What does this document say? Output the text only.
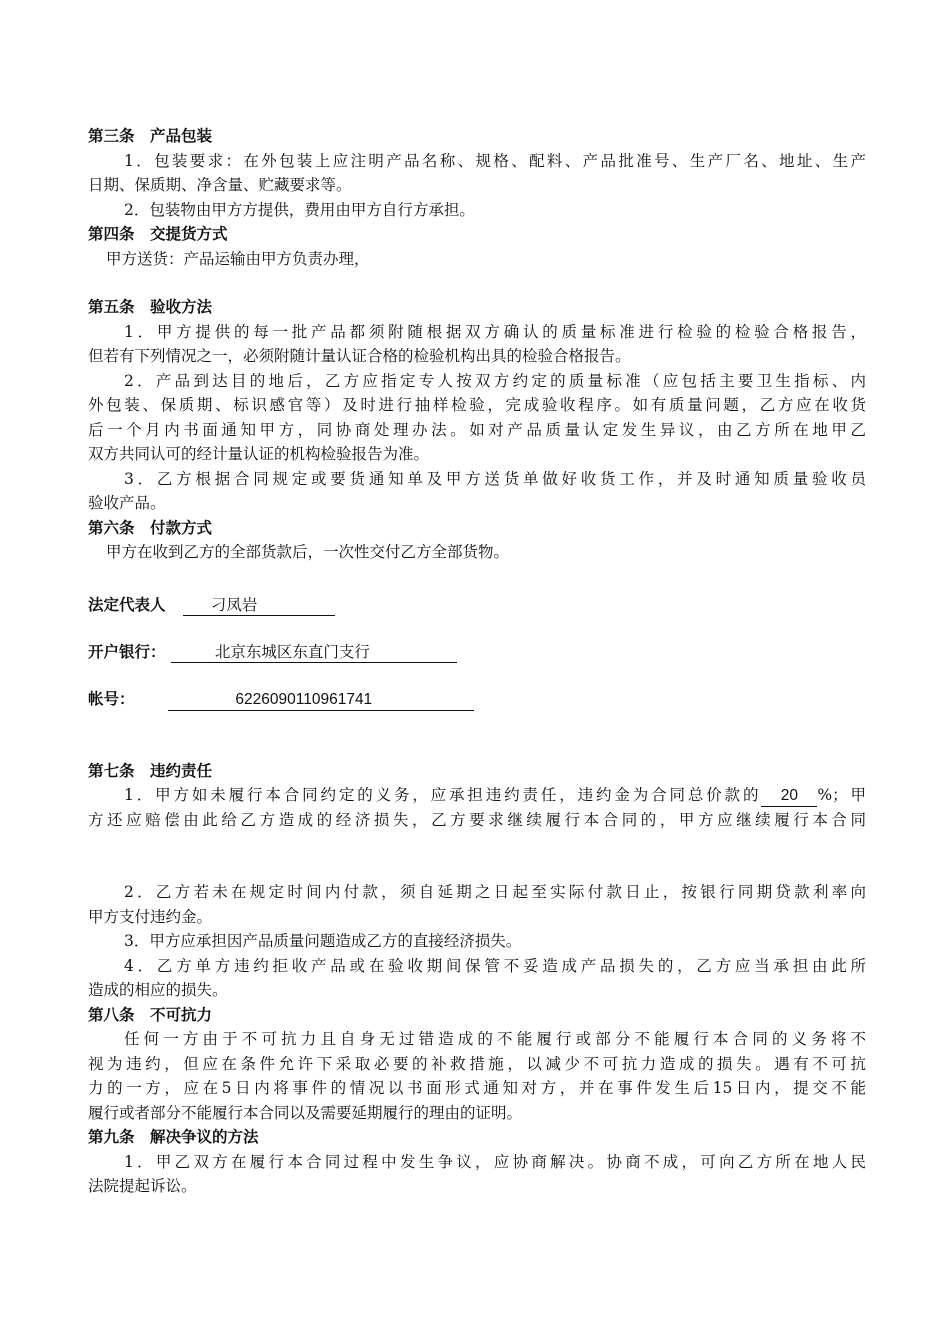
第三条　产品包装
1．包装要求：在外包装上应注明产品名称、规格、配料、产品批准号、生产厂名、地址、生产
日期、保质期、净含量、贮藏要求等。
2．包装物由甲方方提供，费用由甲方自行方承担。
第四条　交提货方式
甲方送货：产品运输由甲方负责办理，
第五条　验收方法
1．甲方提供的每一批产品都须附随根据双方确认的质量标准进行检验的检验合格报告，
但若有下列情况之一，必须附随计量认证合格的检验机构出具的检验合格报告。
2．产品到达目的地后，乙方应指定专人按双方约定的质量标准（应包括主要卫生指标、内
外包装、保质期、标识感官等）及时进行抽样检验，完成验收程序。如有质量问题，乙方应在收货
后一个月内书面通知甲方，同协商处理办法。如对产品质量认定发生异议，由乙方所在地甲乙
双方共同认可的经计量认证的机构检验报告为准。
3．乙方根据合同规定或要货通知单及甲方送货单做好收货工作，并及时通知质量验收员
验收产品。
第六条　付款方式
甲方在收到乙方的全部货款后，一次性交付乙方全部货物。
法定代表人	刁凤岩
开户银行：	北京东城区东直门支行
帐号：	6226090110961741
第七条　违约责任
1．甲方如未履行本合同约定的义务，应承担违约责任，违约金为合同总价款的 20 %；甲
方还应赔偿由此给乙方造成的经济损失，乙方要求继续履行本合同的，甲方应继续履行本合同
2．乙方若未在规定时间内付款，须自延期之日起至实际付款日止，按银行同期贷款利率向
甲方支付违约金。
3．甲方应承担因产品质量问题造成乙方的直接经济损失。
4．乙方单方违约拒收产品或在验收期间保管不妥造成产品损失的，乙方应当承担由此所
造成的相应的损失。
第八条　不可抗力
任何一方由于不可抗力且自身无过错造成的不能履行或部分不能履行本合同的义务将不
视为违约，但应在条件允许下采取必要的补救措施，以减少不可抗力造成的损失。遇有不可抗
力的一方，应在5日内将事件的情况以书面形式通知对方，并在事件发生后15日内，提交不能
履行或者部分不能履行本合同以及需要延期履行的理由的证明。
第九条　解决争议的方法
1．甲乙双方在履行本合同过程中发生争议，应协商解决。协商不成，可向乙方所在地人民
法院提起诉讼。
